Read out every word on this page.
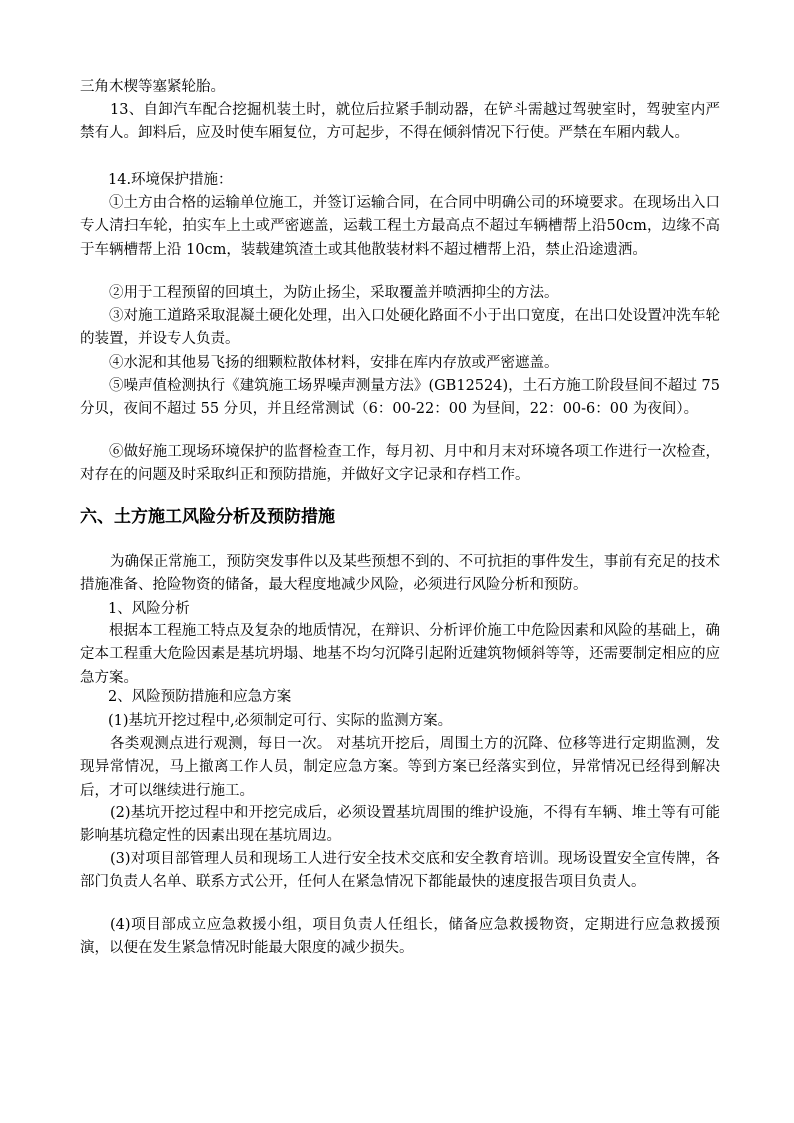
三角木楔等塞紧轮胎。

13、自卸汽车配合挖掘机装土时，就位后拉紧手制动器，在铲斗需越过驾驶室时，驾驶室内严禁有人。卸料后，应及时使车厢复位，方可起步，不得在倾斜情况下行使。严禁在车厢内载人。

14.环境保护措施：

①土方由合格的运输单位施工，并签订运输合同，在合同中明确公司的环境要求。在现场出入口专人清扫车轮，拍实车上土或严密遮盖，运载工程土方最高点不超过车辆槽帮上沿50cm，边缘不高于车辆槽帮上沿 10cm，装载建筑渣土或其他散装材料不超过槽帮上沿，禁止沿途遗洒。

②用于工程预留的回填土，为防止扬尘，采取覆盖并喷洒抑尘的方法。

③对施工道路采取混凝土硬化处理，出入口处硬化路面不小于出口宽度，在出口处设置冲洗车轮的装置，并设专人负责。

④水泥和其他易飞扬的细颗粒散体材料，安排在库内存放或严密遮盖。

⑤噪声值检测执行《建筑施工场界噪声测量方法》(GB12524)，土石方施工阶段昼间不超过 75 分贝，夜间不超过 55 分贝，并且经常测试（6：00-22：00 为昼间，22：00-6：00 为夜间）。

⑥做好施工现场环境保护的监督检查工作，每月初、月中和月末对环境各项工作进行一次检查，对存在的问题及时采取纠正和预防措施，并做好文字记录和存档工作。

六、土方施工风险分析及预防措施

为确保正常施工，预防突发事件以及某些预想不到的、不可抗拒的事件发生，事前有充足的技术措施准备、抢险物资的储备，最大程度地减少风险，必须进行风险分析和预防。

1、风险分析

根据本工程施工特点及复杂的地质情况，在辩识、分析评价施工中危险因素和风险的基础上，确定本工程重大危险因素是基坑坍塌、地基不均匀沉降引起附近建筑物倾斜等等，还需要制定相应的应急方案。

2、风险预防措施和应急方案

(1)基坑开挖过程中,必须制定可行、实际的监测方案。

各类观测点进行观测，每日一次。 对基坑开挖后，周围土方的沉降、位移等进行定期监测，发现异常情况，马上撤离工作人员，制定应急方案。等到方案已经落实到位，异常情况已经得到解决后，才可以继续进行施工。

(2)基坑开挖过程中和开挖完成后，必须设置基坑周围的维护设施，不得有车辆、堆土等有可能影响基坑稳定性的因素出现在基坑周边。

(3)对项目部管理人员和现场工人进行安全技术交底和安全教育培训。现场设置安全宣传牌，各部门负责人名单、联系方式公开，任何人在紧急情况下都能最快的速度报告项目负责人。

(4)项目部成立应急救援小组，项目负责人任组长，储备应急救援物资，定期进行应急救援预演，以便在发生紧急情况时能最大限度的减少损失。
